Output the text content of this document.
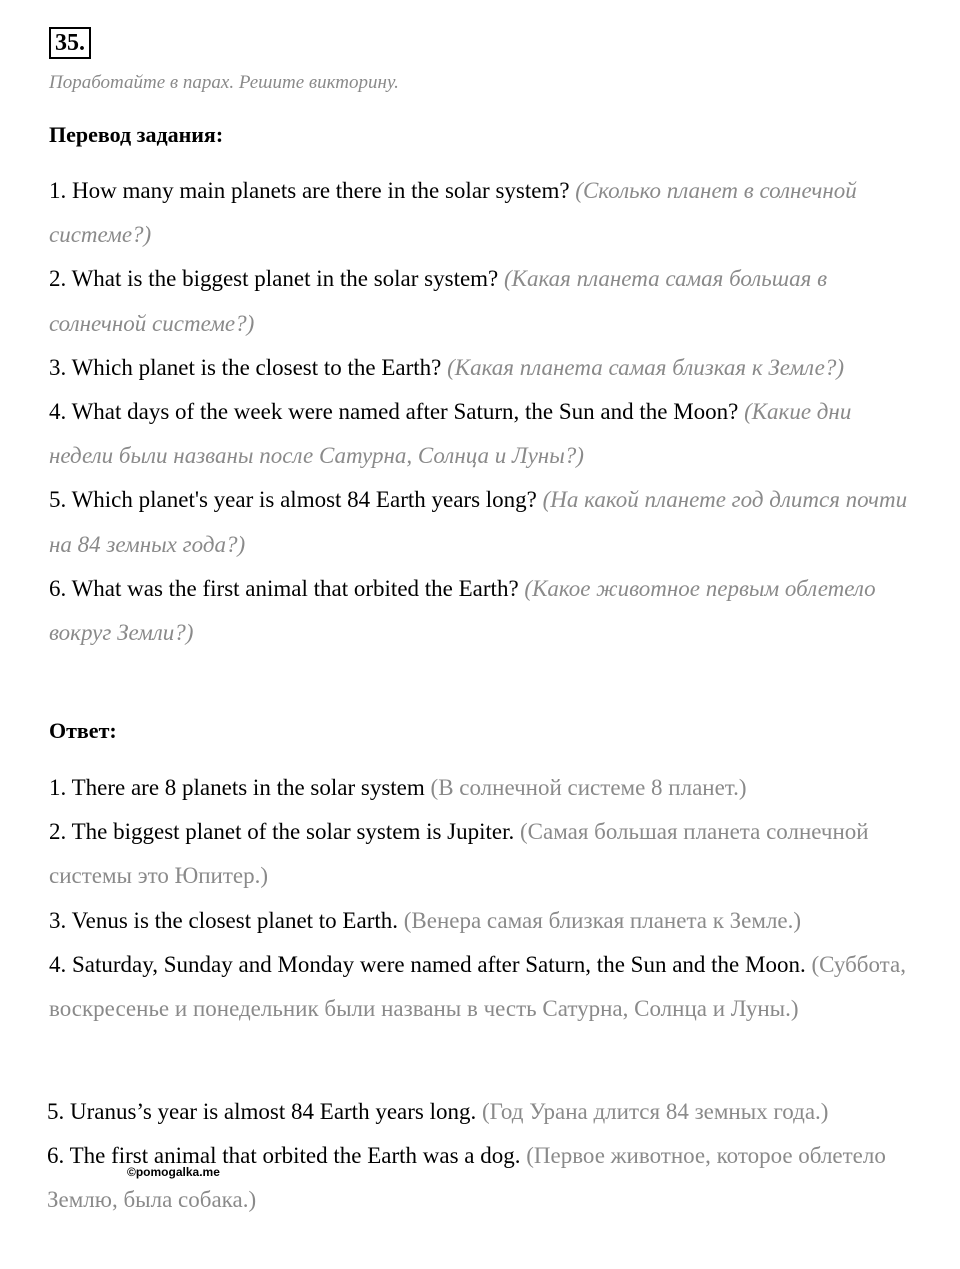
35.
Поработайте в парах. Решите викторину.
Перевод задания:

1. How many main planets are there in the solar system? (Сколько планет в солнечной системе?)

2. What is the biggest planet in the solar system? (Какая планета самая большая в солнечной системе?)

3. Which planet is the closest to the Earth? (Какая планета самая близкая к Земле?)

4. What days of the week were named after Saturn, the Sun and the Moon? (Какие дни недели были названы после Сатурна, Солнца и Луны?)

5. Which planet's year is almost 84 Earth years long? (На какой планете год длится почти на 84 земных года?)

6. What was the first animal that orbited the Earth? (Какое животное первым облетело вокруг Земли?)

Ответ:

1. There are 8 planets in the solar system (В солнечной системе 8 планет.)

2. The biggest planet of the solar system is Jupiter. (Самая большая планета солнечной системы это Юпитер.)

3. Venus is the closest planet to Earth. (Венера самая близкая планета к Земле.)

4. Saturday, Sunday and Monday were named after Saturn, the Sun and the Moon. (Суббота, воскресенье и понедельник были названы в честь Сатурна, Солнца и Луны.)

5. Uranus’s year is almost 84 Earth years long. (Год Урана длится 84 земных года.)

6. The first animal that orbited the Earth was a dog. (Первое животное, которое облетело Землю, была собака.)

©pomogalka.me
